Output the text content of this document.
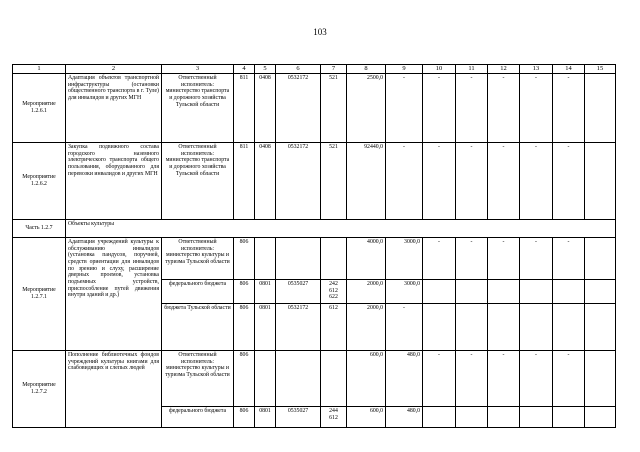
103
1	2	3	4	5	6	7	8	9	10	11	12	13	14	15
Мероприятие 1.2.6.1	Адаптация объектов транспортной инфраструктуры (остановки общественного транспорта в г. Туле) для инвалидов и других МГН	Ответственный исполнитель: министерство транспорта и дорожного хозяйства Тульской области	811	0408	0532172	521	2500,0	-	-	-	-	-	-	
Мероприятие 1.2.6.2	Закупка подвижного состава городского наземного электрического транспорта общего пользования, оборудованного для перевозки инвалидов и других МГН	Ответственный исполнитель: министерство транспорта и дорожного хозяйства Тульской области	811	0408	0532172	521	92440,0	-	-	-	-	-	-	
Часть 1.2.7	Объекты культуры													
Мероприятие 1.2.7.1	Адаптация учреждений культуры к обслуживанию инвалидов (установка пандусов, поручней, средств ориентации для инвалидов по зрению и слуху, расширение дверных проемов, установка подъемных устройств, приспособление путей движения внутри зданий и др.)	Ответственный исполнитель: министерство культуры и туризма Тульской области	806				4000,0	3000,0	-	-	-	-	-	
		федерального бюджета	806	0801	0535027	242 612 622	2000,0	3000,0						
		бюджета Тульской области	806	0801	0532172	612	2000,0	-						
Мероприятие 1.2.7.2	Пополнение библиотечных фондов учреждений культуры книгами для слабовидящих и слепых людей	Ответственный исполнитель: министерство культуры и туризма Тульской области	806				600,0	480,0	-	-	-	-	-	
		федерального бюджета	806	0801	0535027	244 612	600,0	480,0						
